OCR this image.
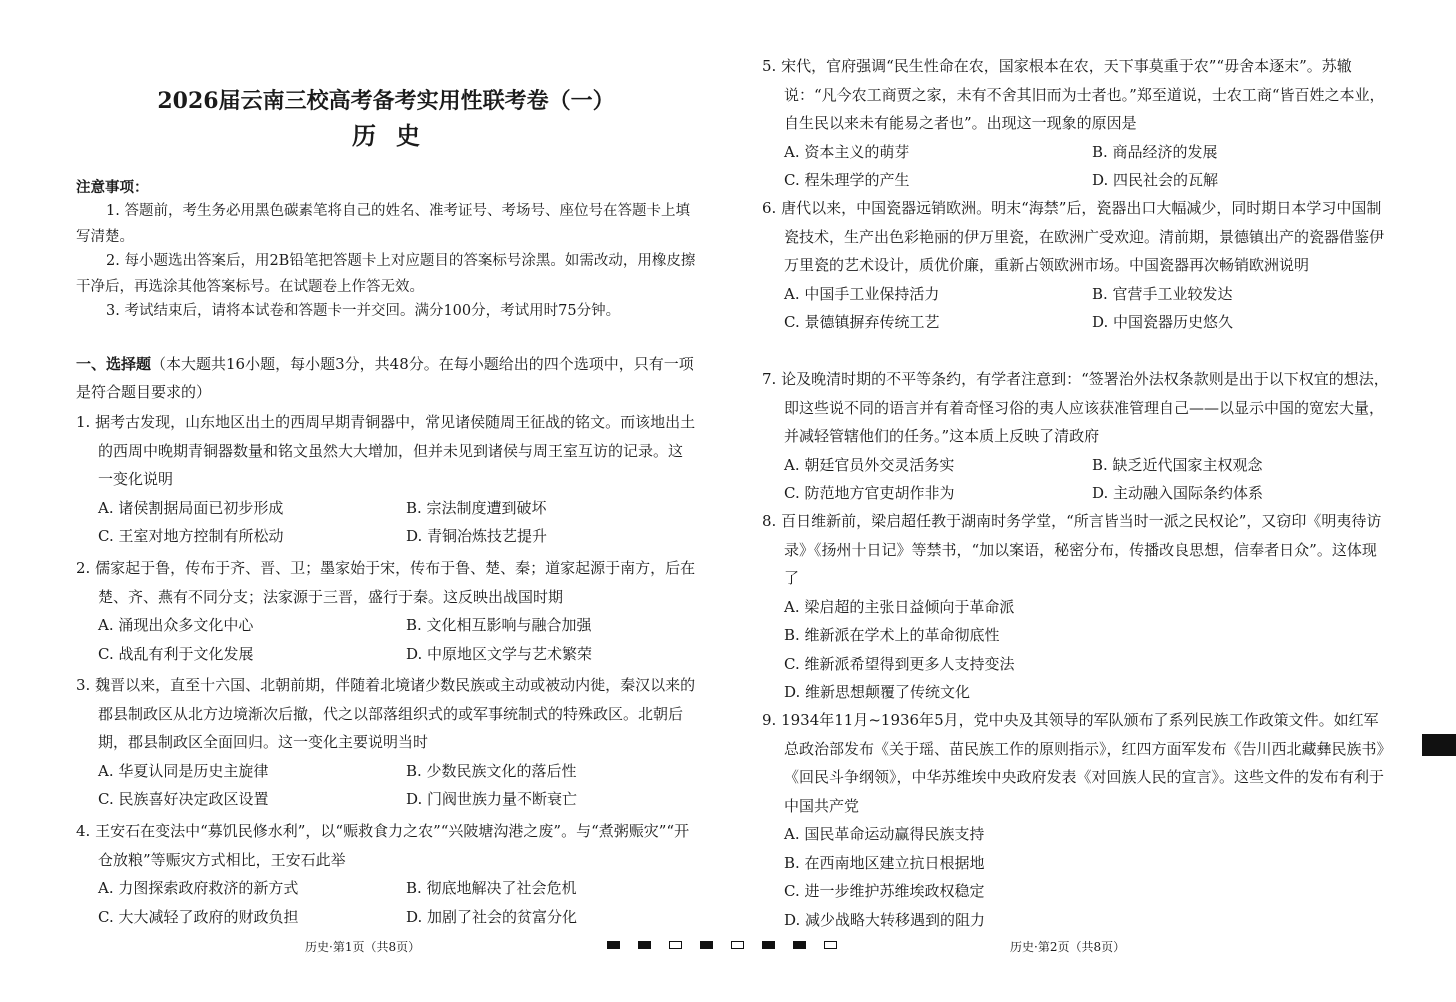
2026届云南三校高考备考实用性联考卷（一）
历史
注意事项：

1. 答题前，考生务必用黑色碳素笔将自己的姓名、准考证号、考场号、座位号在答题卡上填写清楚。

2. 每小题选出答案后，用2B铅笔把答题卡上对应题目的答案标号涂黑。如需改动，用橡皮擦干净后，再选涂其他答案标号。在试题卷上作答无效。

3. 考试结束后，请将本试卷和答题卡一并交回。满分100分，考试用时75分钟。

一、选择题（本大题共16小题，每小题3分，共48分。在每小题给出的四个选项中，只有一项是符合题目要求的）
1. 据考古发现，山东地区出土的西周早期青铜器中，常见诸侯随周王征战的铭文。而该地出土的西周中晚期青铜器数量和铭文虽然大大增加，但并未见到诸侯与周王室互访的记录。这一变化说明
A. 诸侯割据局面已初步形成	B. 宗法制度遭到破坏
C. 王室对地方控制有所松动	D. 青铜冶炼技艺提升
2. 儒家起于鲁，传布于齐、晋、卫；墨家始于宋，传布于鲁、楚、秦；道家起源于南方，后在楚、齐、燕有不同分支；法家源于三晋，盛行于秦。这反映出战国时期
A. 涌现出众多文化中心	B. 文化相互影响与融合加强
C. 战乱有利于文化发展	D. 中原地区文学与艺术繁荣
3. 魏晋以来，直至十六国、北朝前期，伴随着北境诸少数民族或主动或被动内徙，秦汉以来的郡县制政区从北方边境渐次后撤，代之以部落组织式的或军事统制式的特殊政区。北朝后期，郡县制政区全面回归。这一变化主要说明当时
A. 华夏认同是历史主旋律	B. 少数民族文化的落后性
C. 民族喜好决定政区设置	D. 门阀世族力量不断衰亡
4. 王安石在变法中“募饥民修水利”，以“赈救食力之农”“兴陂塘沟港之废”。与“煮粥赈灾”“开仓放粮”等赈灾方式相比，王安石此举
A. 力图探索政府救济的新方式	B. 彻底地解决了社会危机
C. 大大减轻了政府的财政负担	D. 加剧了社会的贫富分化
5. 宋代，官府强调“民生性命在农，国家根本在农，天下事莫重于农”“毋舍本逐末”。苏辙说：“凡今农工商贾之家，未有不舍其旧而为士者也。”郑至道说，士农工商“皆百姓之本业，自生民以来未有能易之者也”。出现这一现象的原因是
A. 资本主义的萌芽	B. 商品经济的发展
C. 程朱理学的产生	D. 四民社会的瓦解
6. 唐代以来，中国瓷器远销欧洲。明末“海禁”后，瓷器出口大幅减少，同时期日本学习中国制瓷技术，生产出色彩艳丽的伊万里瓷，在欧洲广受欢迎。清前期，景德镇出产的瓷器借鉴伊万里瓷的艺术设计，质优价廉，重新占领欧洲市场。中国瓷器再次畅销欧洲说明
A. 中国手工业保持活力	B. 官营手工业较发达
C. 景德镇摒弃传统工艺	D. 中国瓷器历史悠久
7. 论及晚清时期的不平等条约，有学者注意到：“签署治外法权条款则是出于以下权宜的想法，即这些说不同的语言并有着奇怪习俗的夷人应该获准管理自己——以显示中国的宽宏大量，并减轻管辖他们的任务。”这本质上反映了清政府
A. 朝廷官员外交灵活务实	B. 缺乏近代国家主权观念
C. 防范地方官吏胡作非为	D. 主动融入国际条约体系
8. 百日维新前，梁启超任教于湖南时务学堂，“所言皆当时一派之民权论”，又窃印《明夷待访录》《扬州十日记》等禁书，“加以案语，秘密分布，传播改良思想，信奉者日众”。这体现了
A. 梁启超的主张日益倾向于革命派
B. 维新派在学术上的革命彻底性
C. 维新派希望得到更多人支持变法
D. 维新思想颠覆了传统文化
9. 1934年11月~1936年5月，党中央及其领导的军队颁布了系列民族工作政策文件。如红军总政治部发布《关于瑶、苗民族工作的原则指示》，红四方面军发布《告川西北藏彝民族书》《回民斗争纲领》，中华苏维埃中央政府发表《对回族人民的宣言》。这些文件的发布有利于中国共产党
A. 国民革命运动赢得民族支持
B. 在西南地区建立抗日根据地
C. 进一步维护苏维埃政权稳定
D. 减少战略大转移遇到的阻力
历史·第1页（共8页）	历史·第2页（共8页）
